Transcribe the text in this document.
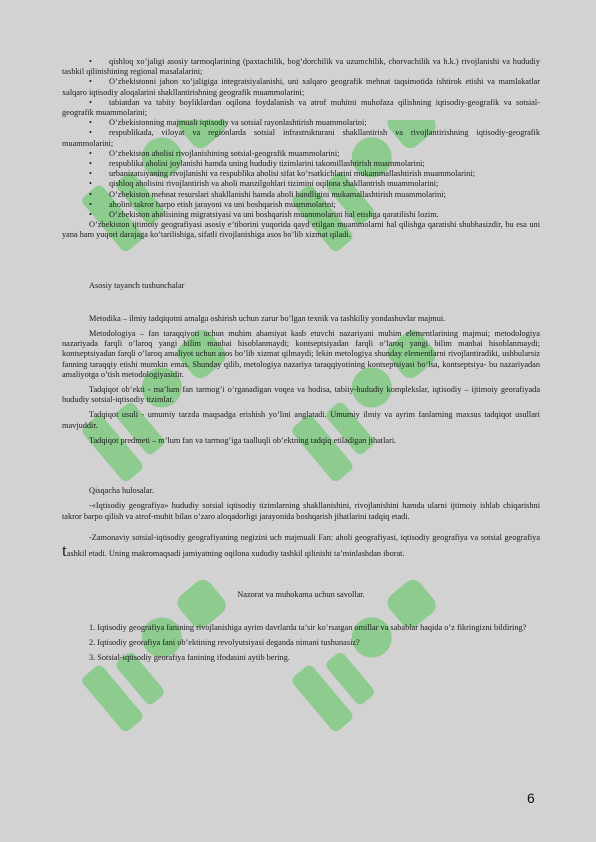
• qishloq xo’jaligi asosiy tarmoqlarining (paxtachilik, bog’dorchilik va uzumchilik, chorvachilik va h.k.) rivojlanishi va hududiy tashkil qilinishining regional masalalarini;
• O’zbekistonni jahon xo’jaligiga integratsiyalanishi, uni xalqaro geografik mehnat taqsimotida ishtirok etishi va mamlakatlar xalqaro iqtisodiy aloqalarini shakllantirishning geografik muammolarini;
• tabiatdan va tabiiy boyliklardan oqilona foydalanish va atrof muhitni muhofaza qilishning iqtisodiy-geografik va sotsial-geografik muammolarini;
• O’zbekistonning majmuali iqtisodiy va sotsial rayonlashtirish muammolarini;
• respublikada, viloyat va regionlarda sotsial infrastrukturani shakllantirish va rivojlantirishning iqtisodiy-geografik muammolarini;
• O’zbekiston aholisi rivojlanishining sotsial-geografik muammolarini;
• respublika aholisi joylanishi hamda uning hududiy tizimlarini takomillashtirish muammolarini;
• urbanizatsiyaning rivojlanishi va respublika aholisi sifat ko’rsatkichlarini mukammallashtirish muammolarini;
• qishloq aholisini rivojlantirish va aholi manzilgohlari tizimini oqilona shakllantrish muammolarini;
• O’zbekiston mehnat resurslari shakllanishi hamda aholi bandligini mukamallashtirish muammolarini;
• aholini takror barpo etish jarayoni va uni boshqarish muammolarini;
• O’zbekiston aholisining migratsiyasi va uni boshqarish muammolarini hal etishga qaratilishi lozim.

O’zbekiston ijtimoiy geografiyasi asosiy e’tiborini yuqorida qayd etilgan muammolarni hal qilishga qaratishi shubhasizdir, bu esa uni yana ham yuqori darajaga ko’tarilishiga, sifatli rivojlanishiga asos bo’lib xizmat qiladi.

Asosiy tayanch tushunchalar

Metodika – ilmiy tadqiqotni amalga oshirish uchun zarur bo’lgan texnik va tashkiliy yondashuvlar majmui.

Metodologiya – fan taraqqiyoti uchun muhim ahamiyat kasb etuvchi nazariyani muhim elementlarining majmui; metodologiya nazariyada farqli o’laroq yangi bilim manbai hisoblanmaydi; kontseptsiyadan farqli o’laroq yangi bilim manbai hisoblanmaydi; kontseptsiyadan farqli o’laroq amaliyot uchun asos bo’lib xizmat qilmaydi; lekin metologiya shunday elementlarni rivojlantiradiki, ushbularsiz fanning taraqqiy etishi mumkin emas. Shunday qilib, metologiya nazariya taraqqiyotining kontseptsiyasi bo’lsa, kontseptsiya- bu nazariyadan amaliyotga o’tish metodologiyasidir.

Tadqiqot ob’ekti - ma’lum fan tarmog’i o’rganadigan voqea va hodisa, tabiiy-hududiy komplekslar, iqtisodiy – ijtimoiy georafiyada hududiy sotsial-iqtisodiy tizimlar.

Tadqiqot usuli - umumiy tarzda maqsadga erishish yo’lini anglatadi. Umumiy ilmiy va ayrim fanlarning maxsus tadqiqot usullari mavjuddir.

Tadqiqot predmeti – m’lum fan va tarmog’iga taalluqli ob’ektning tadqiq etiladigan jihatlari.

Qisqacha hulosalar.

-«Iqtisodiy geografiya» hududiy sotsial iqtisodiy tizimlarning shakllanishini, rivojlanishini hamda ularni ijtimoiy ishlab chiqarishni takror barpo qilish va atrof-muhit bilan o’zaro aloqadorligi jarayonida boshqarish jihatlarini tadqiq etadi.

-Zamonaviy sotsial-iqtisodiy geografiyaning negizini uch majmuali Fan: aholi geografiyasi, iqtisodiy geografiya va sotsial geografiya tashkil etadi. Uning makromaqsadi jamiyatning oqilona xududiy tashkil qilinishi ta’minlashdan iborat.

Nazorat va muhokama uchun savollar.

1. Iqtisodiy geografiya fanining rivojlanishiga ayrim davrlarda ta’sir ko’rsatgan omillar va sabablar haqida o’z fikringizni bildiring?

2. Iqtisodiy georafiya fani ob’ektining revolyutsiyasi deganda nimani tushunasiz?

3. Sotsial-iqtisodiy georafiya fanining ifodasini aytib bering.

6
